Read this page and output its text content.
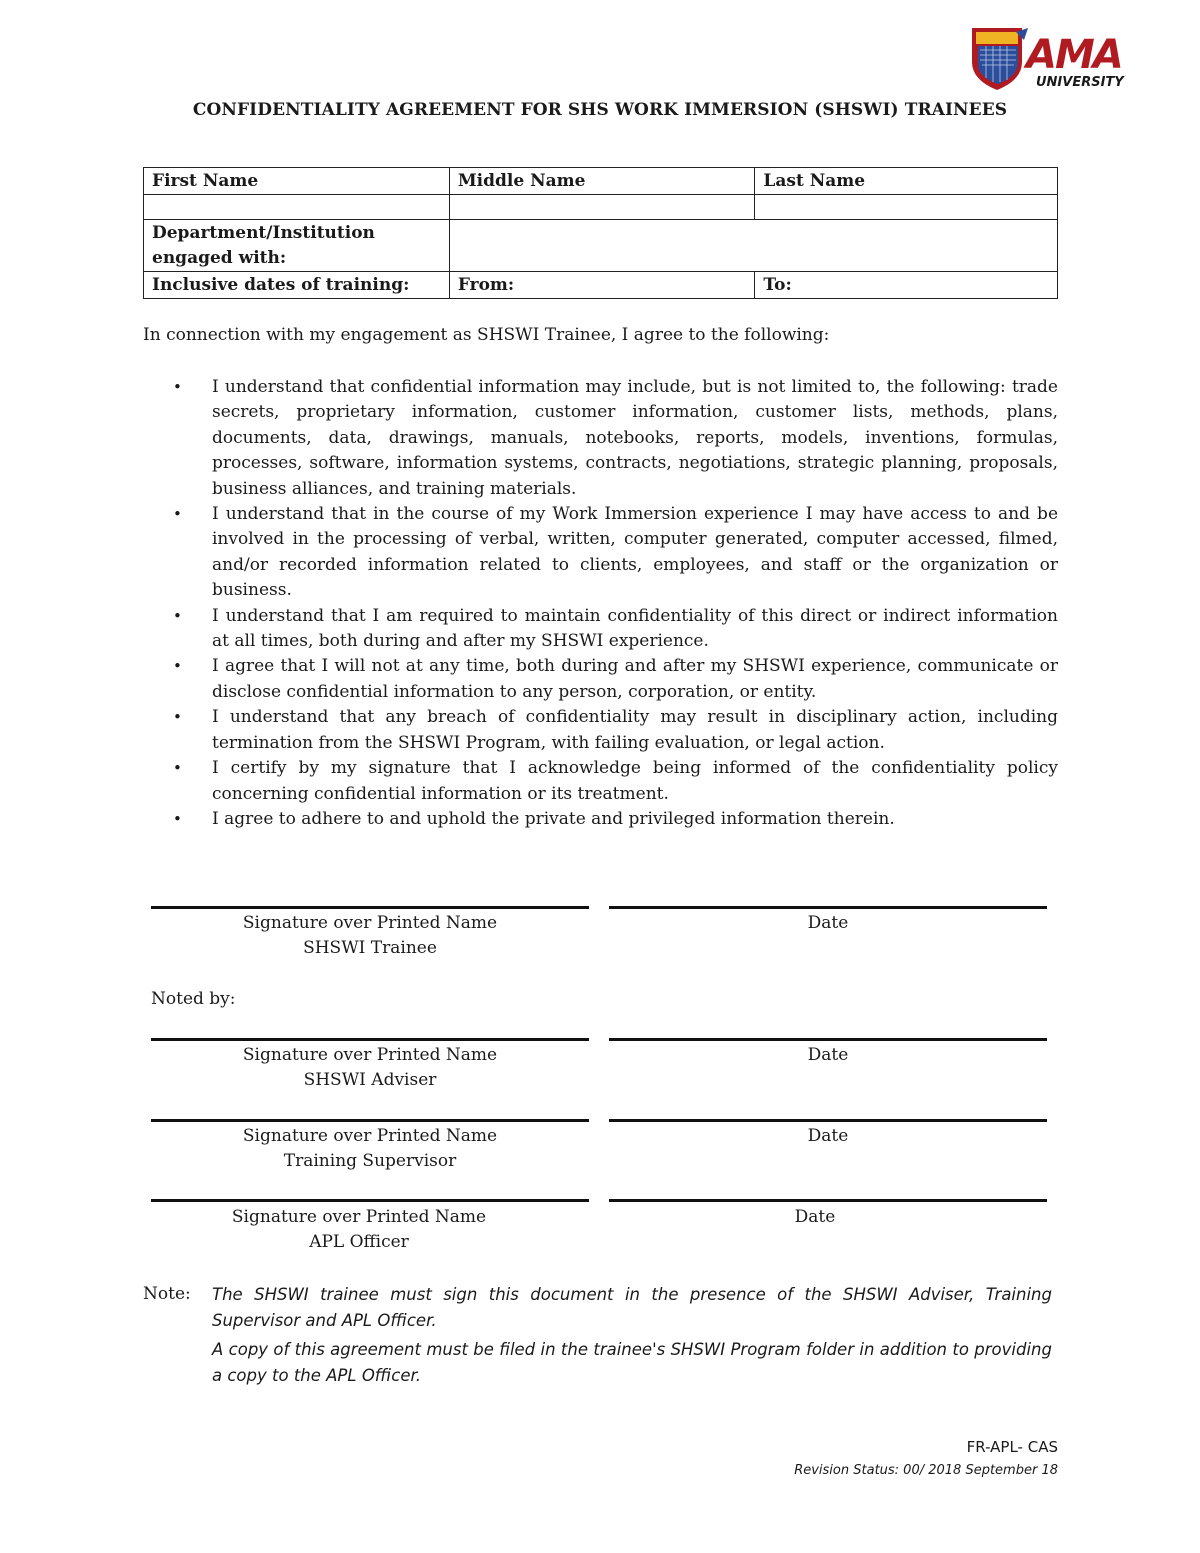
AMA
UNIVERSITY
CONFIDENTIALITY AGREEMENT FOR SHS WORK IMMERSION (SHSWI) TRAINEES
First Name	Middle Name	Last Name

Department/Institution engaged with:		
Inclusive dates of training:	From:	To:
In connection with my engagement as SHSWI Trainee, I agree to the following:
• I understand that confidential information may include, but is not limited to, the following: trade secrets, proprietary information, customer information, customer lists, methods, plans, documents, data, drawings, manuals, notebooks, reports, models, inventions, formulas, processes, software, information systems, contracts, negotiations, strategic planning, proposals, business alliances, and training materials.
• I understand that in the course of my Work Immersion experience I may have access to and be involved in the processing of verbal, written, computer generated, computer accessed, filmed, and/or recorded information related to clients, employees, and staff or the organization or business.
• I understand that I am required to maintain confidentiality of this direct or indirect information at all times, both during and after my SHSWI experience.
• I agree that I will not at any time, both during and after my SHSWI experience, communicate or disclose confidential information to any person, corporation, or entity.
• I understand that any breach of confidentiality may result in disciplinary action, including termination from the SHSWI Program, with failing evaluation, or legal action.
• I certify by my signature that I acknowledge being informed of the confidentiality policy concerning confidential information or its treatment.
• I agree to adhere to and uphold the private and privileged information therein.
Signature over Printed Name
SHSWI Trainee
Date
Noted by:
Signature over Printed Name
SHSWI Adviser
Date
Signature over Printed Name
Training Supervisor
Date
Signature over Printed Name
APL Officer
Date
Note: The SHSWI trainee must sign this document in the presence of the SHSWI Adviser, Training Supervisor and APL Officer.
A copy of this agreement must be filed in the trainee's SHSWI Program folder in addition to providing a copy to the APL Officer.
FR-APL- CAS
Revision Status: 00/ 2018 September 18
